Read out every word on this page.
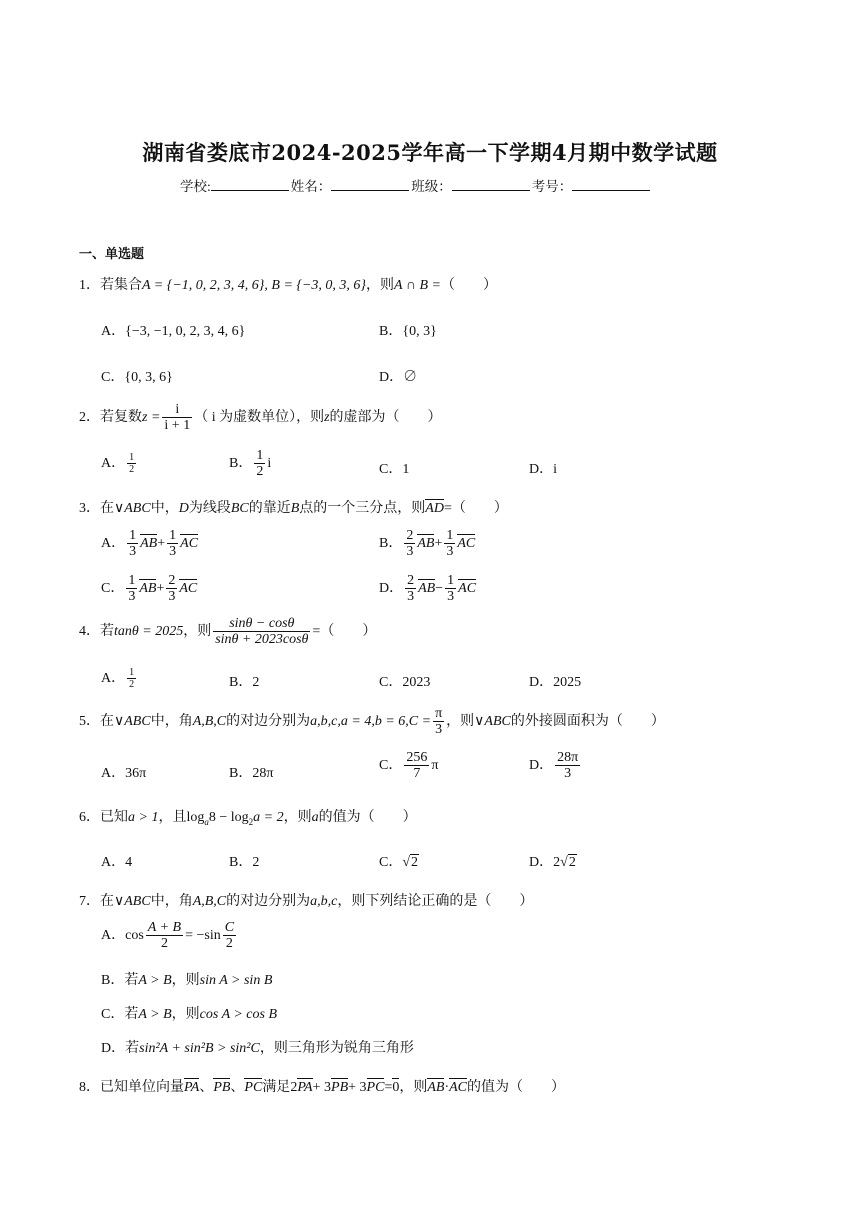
湖南省娄底市2024-2025学年高一下学期4月期中数学试题
学校:	姓名：	班级：	考号：
一、单选题
1．若集合A = {−1, 0, 2, 3, 4, 6}, B = {−3, 0, 3, 6}，则A ∩ B =（　　）
A．{−3, −1, 0, 2, 3, 4, 6}	B．{0, 3}
C．{0, 3, 6}	D．∅
2．若复数$z = \frac{i}{i + 1}$ （ i 为虚数单位），则z的虚部为（　　）
A． $\frac{1}{2}$	B． $\frac{1}{2}$ i	C．1	D．i
3．在∨ABC中，D为线段BC的靠近B点的一个三分点，则AD=（　　）
A． $\frac{1}{3} AB+ \frac{1}{3}$ AC	B． $\frac{2}{3} AB+ \frac{1}{3}$ AC
C． $\frac{1}{3} AB+ \frac{2}{3}$ AC	D． $\frac{2}{3} AB- \frac{1}{3}$ AC
4．若tanθ = 2025，则 $\frac{\sin\theta - \cos\theta}{\sin\theta + 2023\cos\theta}$ =（　　）
A． $\frac{1}{2}$	B．2	C．2023	D．2025
5．在∨ABC中，角A,B,C的对边分别为$a,b,c,a = 4,b = 6,C = \frac{\pi}{3}$ ，则∨ABC的外接圆面积为（　　）
A．36π	B．28π
C． $\frac{256}{7}$ π	D． $\frac{28\pi}{3}$
6．已知a > 1，且$\log_a8 - \log_2a = 2$，则a的值为（　　）
A．4	B．2	C．√2	D．2√2
7．在∨ABC中，角A,B,C的对边分别为a,b,c，则下列结论正确的是（　　）
A．$\cos \frac{A + B}{2} = -\sin \frac{C}{2}$
B．若A > B，则sin A > sin B
C．若A > B，则cos A > cos B
D．若sin²A + sin²B > sin²C，则三角形为锐角三角形
8．已知单位向量PA、PB、PC满足2PA+ 3PB+ 3PC=0，则AB·AC的值为（　　）
